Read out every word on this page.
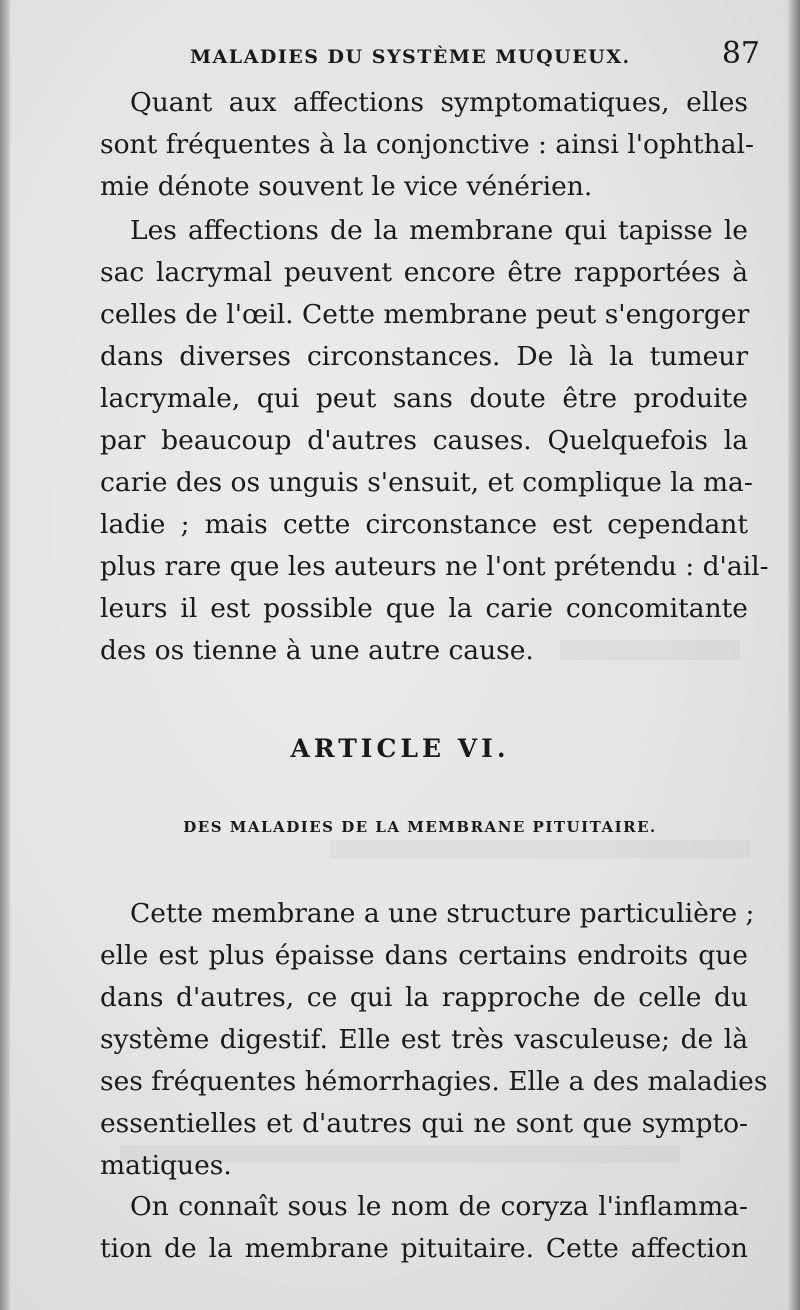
MALADIES DU SYSTÈME MUQUEUX.	87
Quant aux affections symptomatiques, elles
sont fréquentes à la conjonctive : ainsi l'ophthal-
mie dénote souvent le vice vénérien.
Les affections de la membrane qui tapisse le
sac lacrymal peuvent encore être rapportées à
celles de l'œil. Cette membrane peut s'engorger
dans diverses circonstances. De là la tumeur
lacrymale, qui peut sans doute être produite
par beaucoup d'autres causes. Quelquefois la
carie des os unguis s'ensuit, et complique la ma-
ladie ; mais cette circonstance est cependant
plus rare que les auteurs ne l'ont prétendu : d'ail-
leurs il est possible que la carie concomitante
des os tienne à une autre cause.
ARTICLE VI.
DES MALADIES DE LA MEMBRANE PITUITAIRE.
Cette membrane a une structure particulière ;
elle est plus épaisse dans certains endroits que
dans d'autres, ce qui la rapproche de celle du
système digestif. Elle est très vasculeuse; de là
ses fréquentes hémorrhagies. Elle a des maladies
essentielles et d'autres qui ne sont que sympto-
matiques.
On connaît sous le nom de coryza l'inflamma-
tion de la membrane pituitaire. Cette affection
